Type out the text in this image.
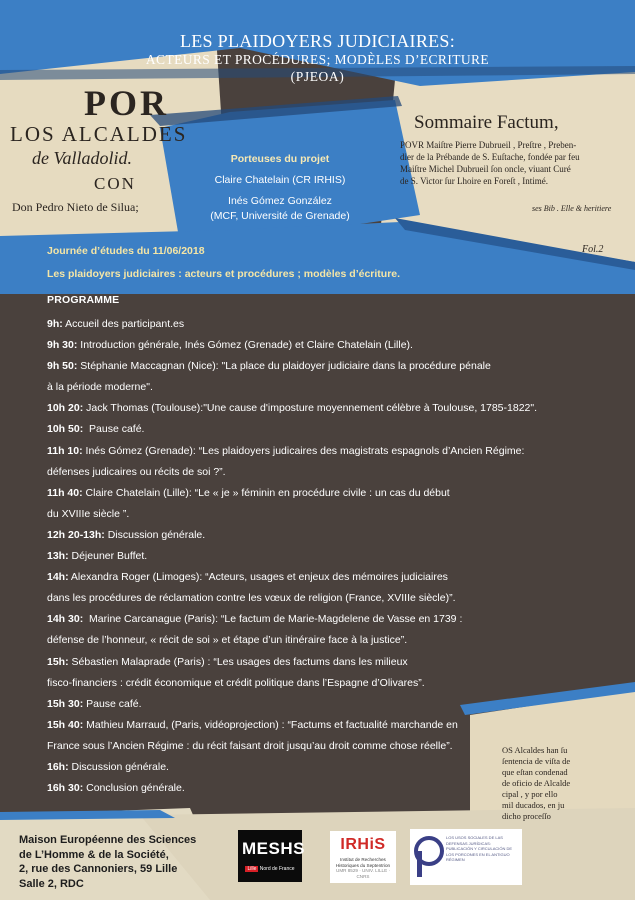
POR
LOS ALCALDES
de Valladolid.
CON
Don Pedro Nieto de Silua;
Sommaire Factum,
POVR Maiſtre Pierre Dubrueil , Preſtre , Preben-
dier de la Prébande de S. Euſtache, fondée par feu
Maiſtre Michel Dubrueil ſon oncle, viuant Curé
de S. Victor ſur Lhoire en Foreſt , Intimé.
ses Bib . Elle & heritiere
Fol.2
OS Alcaldes han ſu
ſentencia de viſta de
que eſtan condenad
de oficio de Alcalde
cipal , y por ello
mil ducados, en ju
dicho proceſſo
LES PLAIDOYERS JUDICIAIRES:
ACTEURS ET PROCÉDURES; MODÈLES D’ECRITURE
(PJEOA)
Porteuses du projet
Claire Chatelain (CR IRHIS)
Inés Gómez González
(MCF, Université de Grenade)
Journée d’études du 11/06/2018
Les plaidoyers judiciaires : acteurs et procédures ; modèles d’écriture.
PROGRAMME
9h: Accueil des participant.es
9h 30: Introduction générale, Inés Gómez (Grenade) et Claire Chatelain (Lille).
9h 50: Stéphanie Maccagnan (Nice): "La place du plaidoyer judiciaire dans la procédure pénale
à la période moderne".
10h 20: Jack Thomas (Toulouse):"Une cause d'imposture moyennement célèbre à Toulouse, 1785-1822".
10h 50:  Pause café.
11h 10: Inés Gómez (Grenade): “Les plaidoyers judicaires des magistrats espagnols d’Ancien Régime:
défenses judicaires ou récits de soi ?”.
11h 40: Claire Chatelain (Lille): “Le « je » féminin en procédure civile : un cas du début
du XVIIIe siècle ”.
12h 20-13h: Discussion générale.
13h: Déjeuner Buffet.
14h: Alexandra Roger (Limoges): “Acteurs, usages et enjeux des mémoires judiciaires
dans les procédures de réclamation contre les vœux de religion (France, XVIIIe siècle)”.
14h 30:  Marine Carcanague (Paris): “Le factum de Marie-Magdelene de Vasse en 1739 :
défense de l’honneur, « récit de soi » et étape d’un itinéraire face à la justice”.
15h: Sébastien Malaprade (Paris) : “Les usages des factums dans les milieux
fisco-financiers : crédit économique et crédit politique dans l’Espagne d’Olivares”.
15h 30: Pause café.
15h 40: Mathieu Marraud, (Paris, vidéoprojection) : “Factums et factualité marchande en
France sous l’Ancien Régime : du récit faisant droit jusqu’au droit comme chose réelle”.
16h: Discussion générale.
16h 30: Conclusion générale.
Maison Européenne des Sciences
de L’Homme & de la Société,
2, rue des Cannoniers, 59 Lille
Salle 2, RDC
MESHS
Lille Nord de France
IRHiS
Institut de Recherches
Historiques du Septentrion
UMR 8529 · UNIV. LILLE · CNRS
LOS USOS SOCIALES DE LAS DEFENSAS JURÍDICAS: PUBLICACIÓN Y CIRCULACIÓN DE LOS PORCONES EN EL ANTIGUO RÉGIMEN
